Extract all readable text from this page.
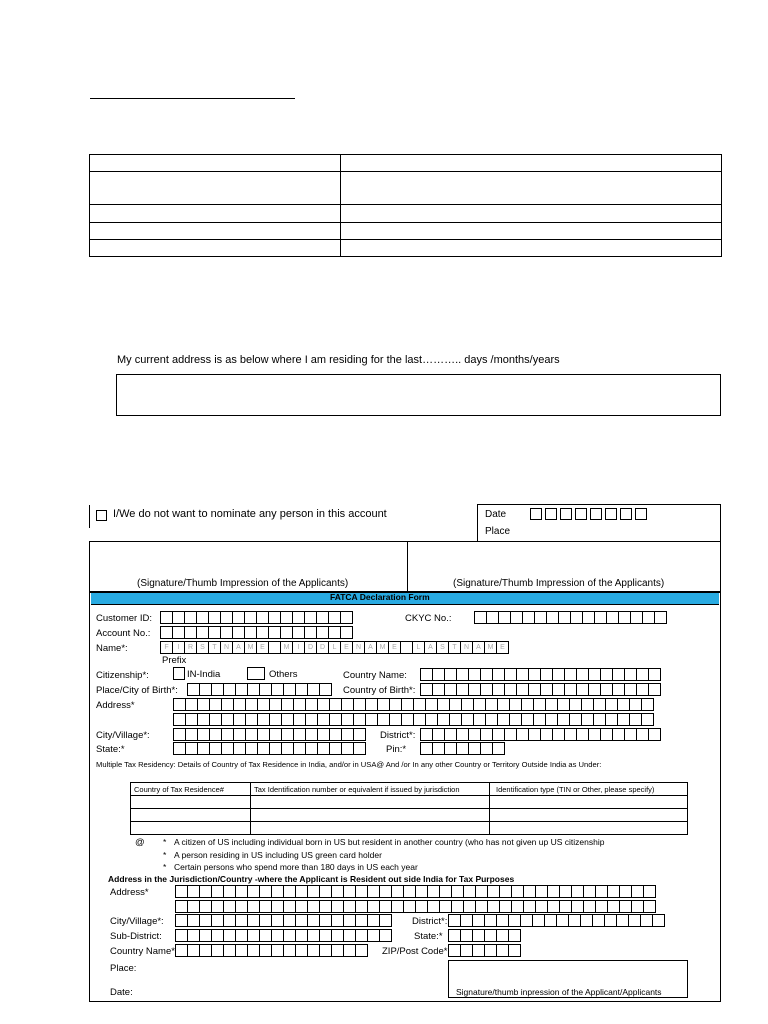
My current address is as below where I am residing for the last……….. days /months/years
I/We do not want to nominate any person in this account	Date
Place
(Signature/Thumb Impression of the Applicants)	(Signature/Thumb Impression of the Applicants)
FATCA Declaration Form
Customer ID:	CKYC No.:
Account No.:
Name*:	F	I	R	S	T	N	A M E	M	I	D D	L	E	N	A M E	L	A	S	T	N	A M E
Prefix
Citizenship*:	IN-India	Others	Country Name:
Place/City of Birth*:	Country of Birth*:
Address*
City/Village*:	District*:
State:*	Pin:*
Multiple Tax Residency: Details of Country of Tax Residence in India, and/or in USA@ And /or In any other Country or Territory Outside India as Under:
Country of Tax Residence#	Tax Identification number or equivalent if issued by jurisdiction	Identification type (TIN or Other, please specify)

@ * A citizen of US including individual born in US but resident in another country (who has not given up US citizenship
* A person residing in US including US green card holder
* Certain persons who spend more than 180 days in US each year
Address in the Jurisdiction/Country -where the Applicant is Resident out side India for Tax Purposes
Address*
City/Village*:	District*:
Sub-District:	State:*
Country Name*	ZIP/Post Code*
Place:
Date:	Signature/thumb inpression of the Applicant/Applicants
